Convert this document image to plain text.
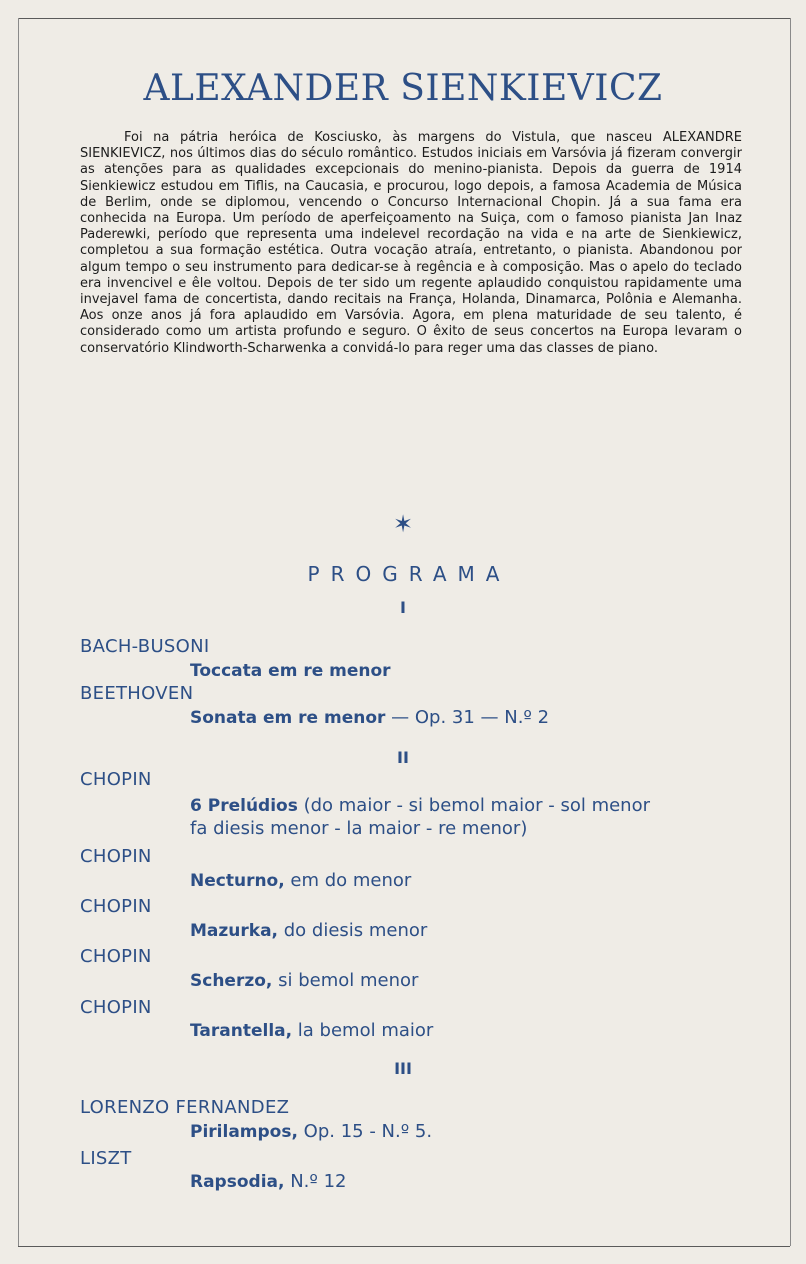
ALEXANDER SIENKIEVICZ

Foi na pátria heróica de Kosciusko, às margens do Vistula, que nasceu ALEXANDRE SIENKIEVICZ, nos últimos dias do século romântico. Estudos iniciais em Varsóvia já fizeram convergir as atenções para as qualidades excepcionais do menino-pianista. Depois da guerra de 1914 Sienkiewicz estudou em Tiflis, na Caucasia, e procurou, logo depois, a famosa Academia de Música de Berlim, onde se diplomou, vencendo o Concurso Internacional Chopin. Já a sua fama era conhecida na Europa. Um período de aperfeiçoamento na Suiça, com o famoso pianista Jan Inaz Paderewki, período que representa uma indelevel recordação na vida e na arte de Sienkiewicz, completou a sua formação estética. Outra vocação atraía, entretanto, o pianista. Abandonou por algum tempo o seu instrumento para dedicar-se à regência e à composição. Mas o apelo do teclado era invencivel e êle voltou. Depois de ter sido um regente aplaudido conquistou rapidamente uma invejavel fama de concertista, dando recitais na França, Holanda, Dinamarca, Polônia e Alemanha. Aos onze anos já fora aplaudido em Varsóvia. Agora, em plena maturidade de seu talento, é considerado como um artista profundo e seguro. O êxito de seus concertos na Europa levaram o conservatório Klindworth-Scharwenka a convidá-lo para reger uma das classes de piano.

✶
PROGRAMA
I
BACH-BUSONI
Toccata em re menor
BEETHOVEN
Sonata em re menor — Op. 31 — N.º 2
II
CHOPIN
6 Prelúdios (do maior - si bemol maior - sol menor
fa diesis menor - la maior - re menor)
CHOPIN
Necturno, em do menor
CHOPIN
Mazurka, do diesis menor
CHOPIN
Scherzo, si bemol menor
CHOPIN
Tarantella, la bemol maior
III
LORENZO FERNANDEZ
Pirilampos, Op. 15 - N.º 5.
LISZT
Rapsodia, N.º 12
